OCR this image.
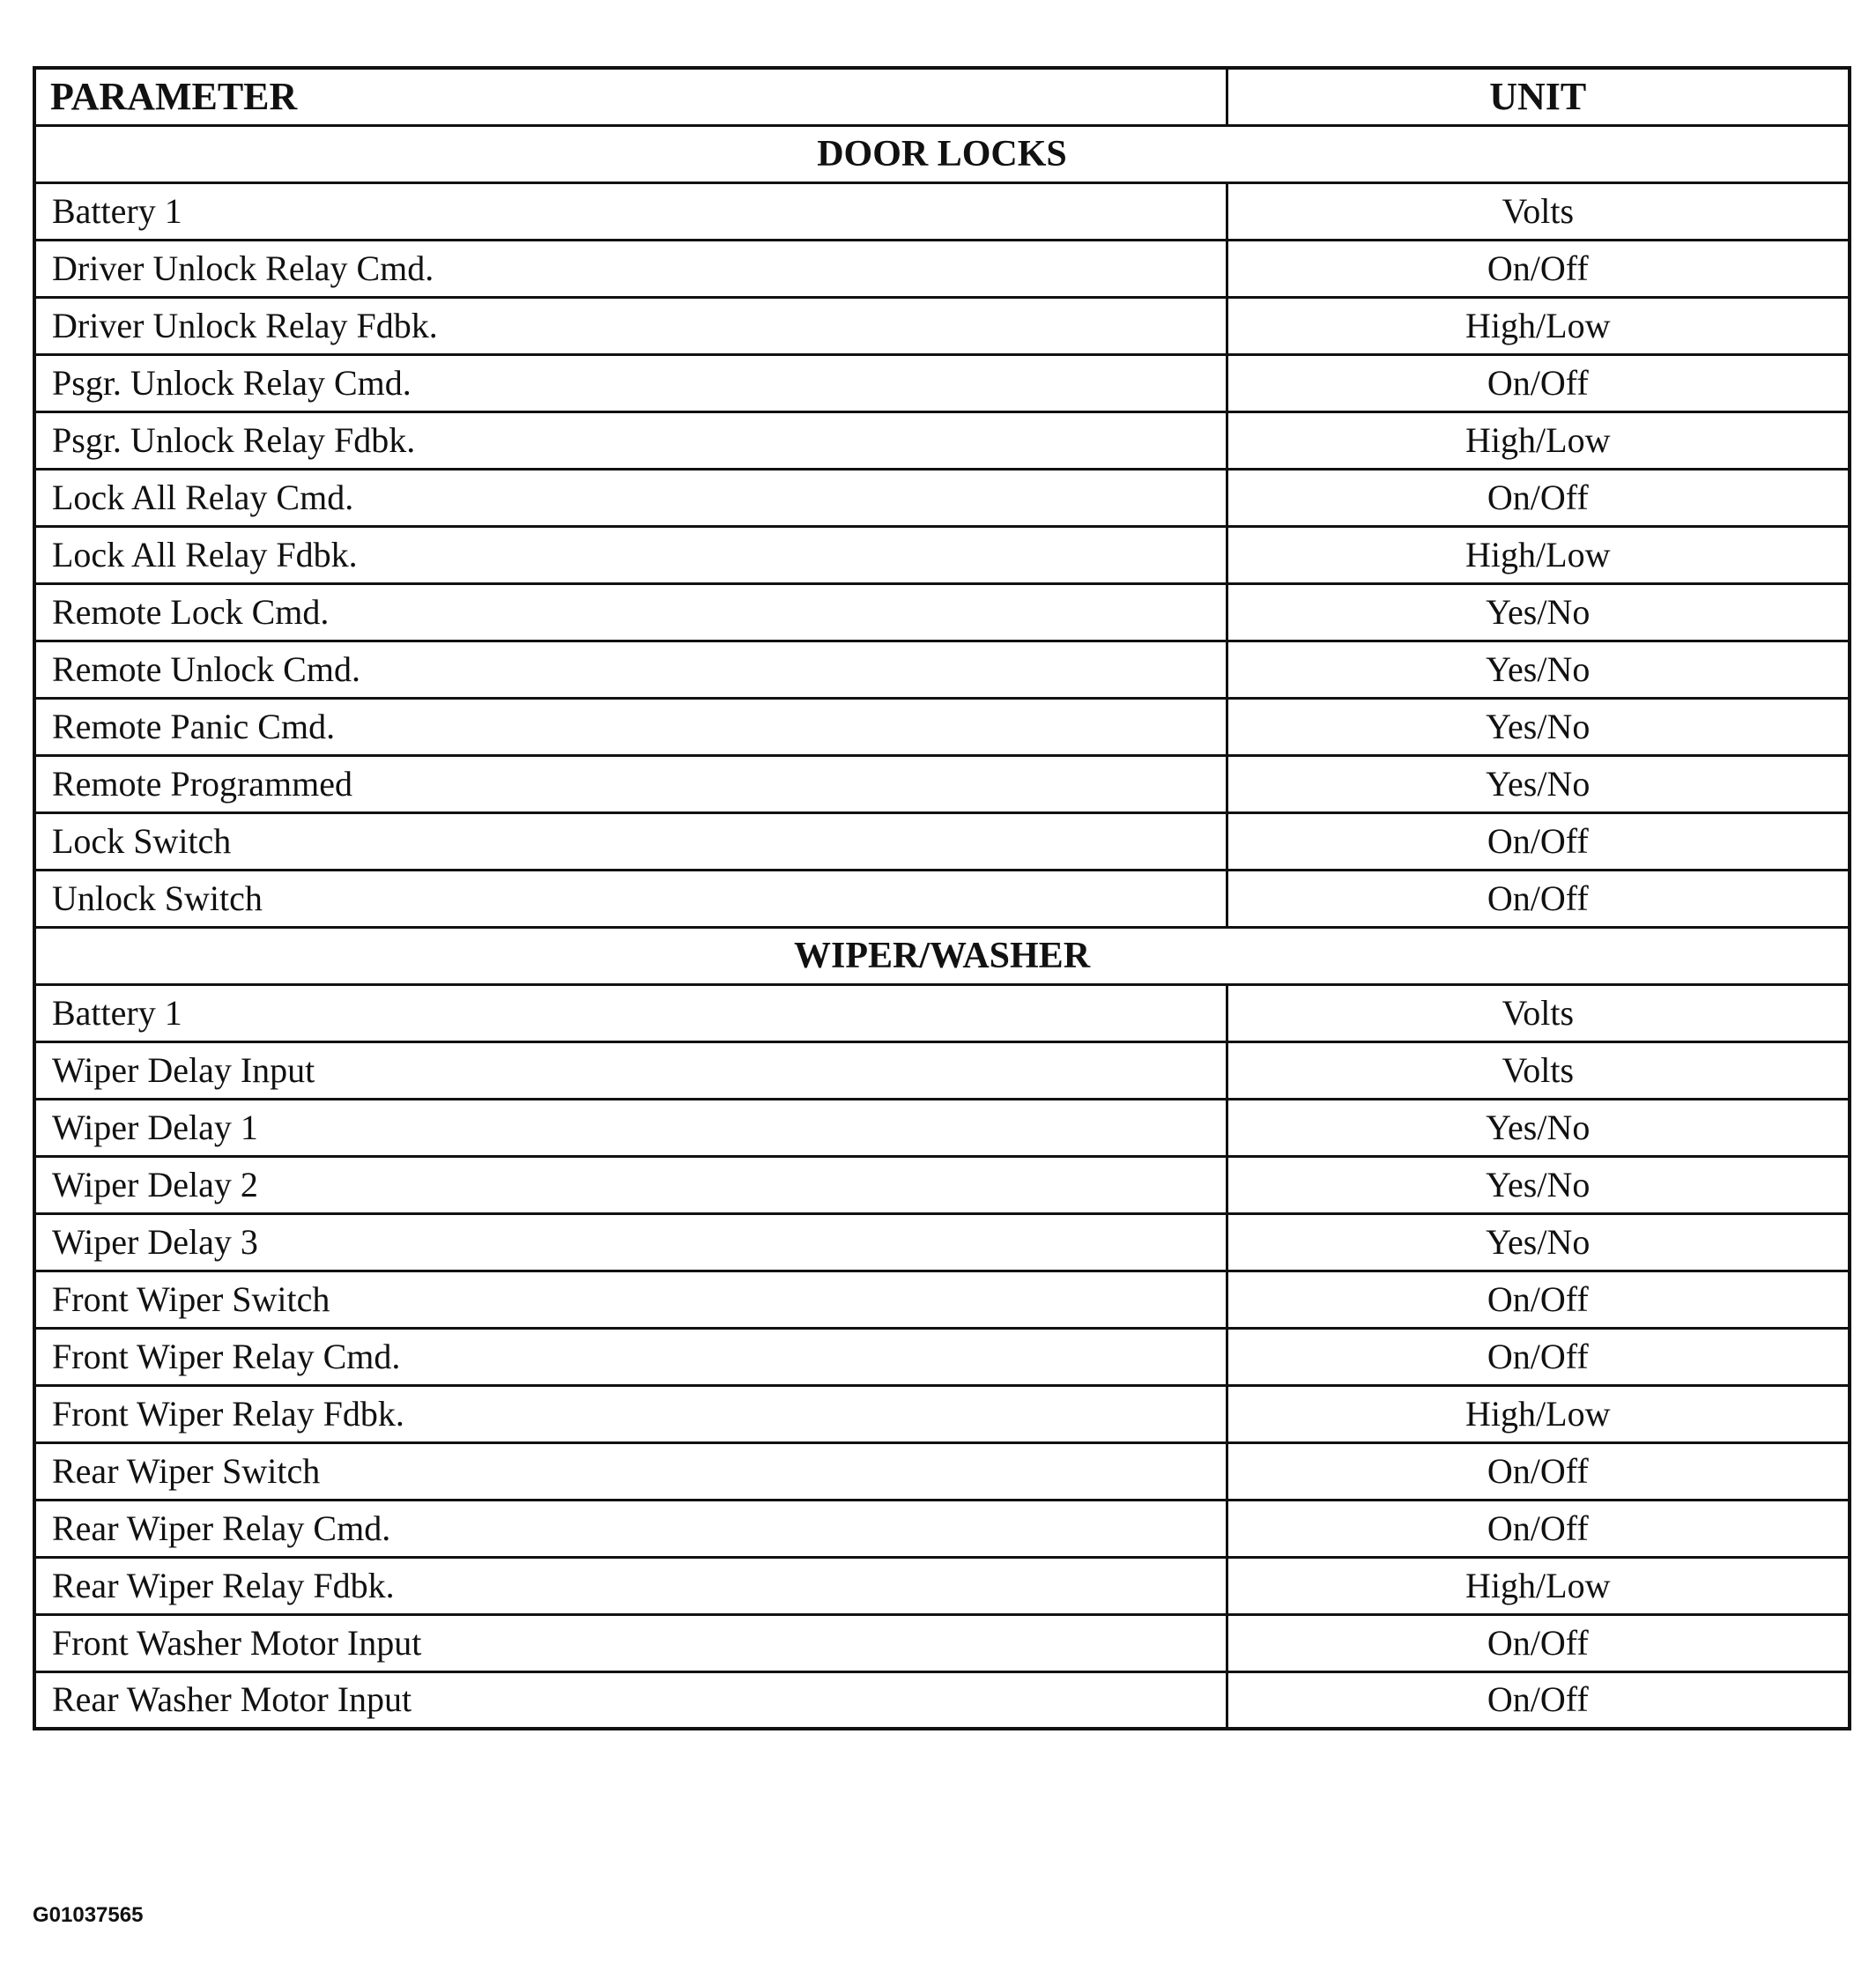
PARAMETER	UNIT
DOOR LOCKS	
Battery 1	Volts
Driver Unlock Relay Cmd.	On/Off
Driver Unlock Relay Fdbk.	High/Low
Psgr. Unlock Relay Cmd.	On/Off
Psgr. Unlock Relay Fdbk.	High/Low
Lock All Relay Cmd.	On/Off
Lock All Relay Fdbk.	High/Low
Remote Lock Cmd.	Yes/No
Remote Unlock Cmd.	Yes/No
Remote Panic Cmd.	Yes/No
Remote Programmed	Yes/No
Lock Switch	On/Off
Unlock Switch	On/Off
WIPER/WASHER	
Battery 1	Volts
Wiper Delay Input	Volts
Wiper Delay 1	Yes/No
Wiper Delay 2	Yes/No
Wiper Delay 3	Yes/No
Front Wiper Switch	On/Off
Front Wiper Relay Cmd.	On/Off
Front Wiper Relay Fdbk.	High/Low
Rear Wiper Switch	On/Off
Rear Wiper Relay Cmd.	On/Off
Rear Wiper Relay Fdbk.	High/Low
Front Washer Motor Input	On/Off
Rear Washer Motor Input	On/Off
G01037565
